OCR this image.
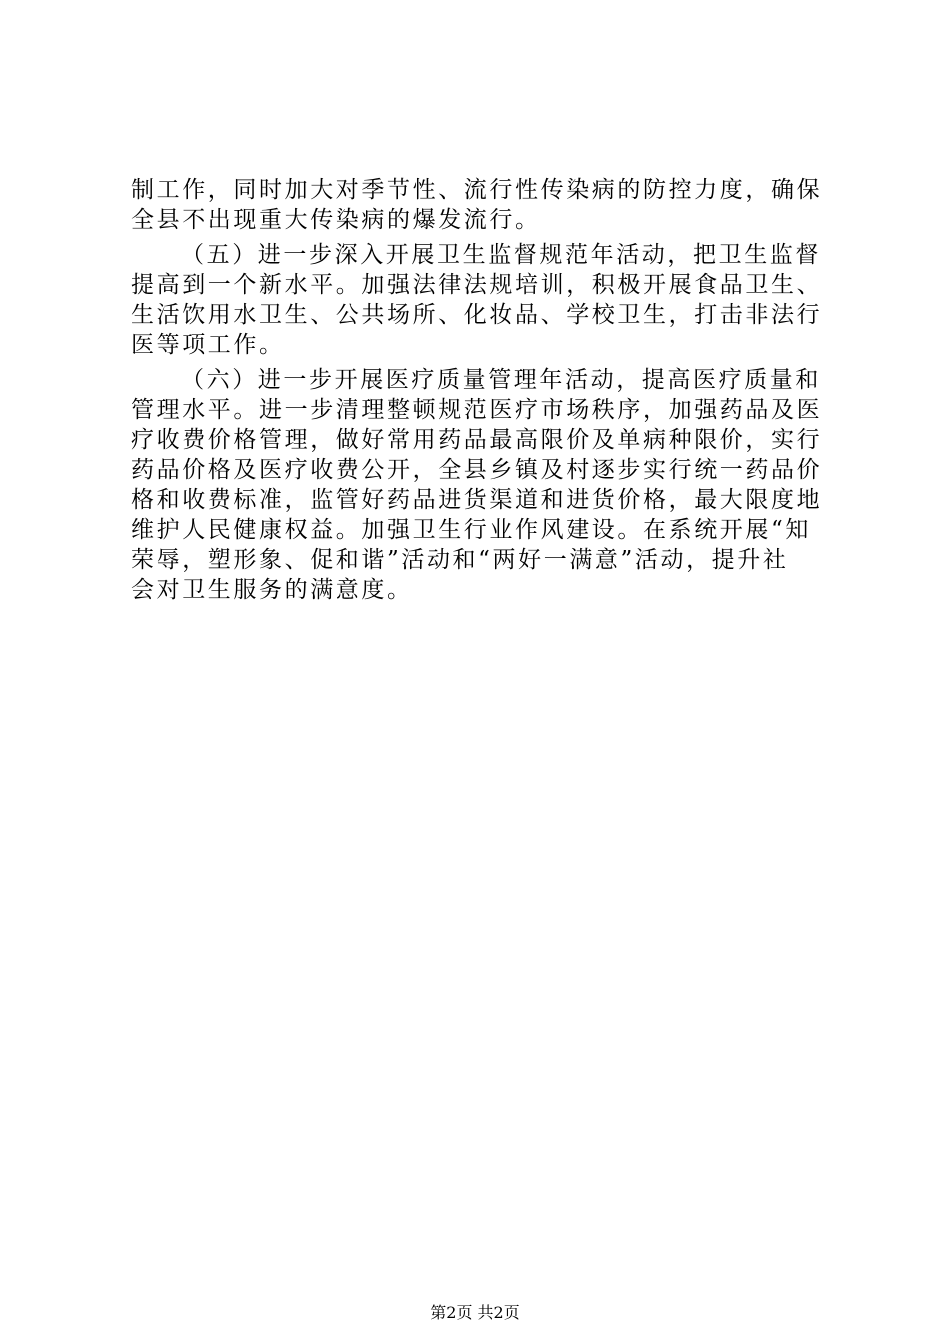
制工作，同时加大对季节性、流行性传染病的防控力度，确保
全县不出现重大传染病的爆发流行。
（五）进一步深入开展卫生监督规范年活动，把卫生监督
提高到一个新水平。加强法律法规培训，积极开展食品卫生、
生活饮用水卫生、公共场所、化妆品、学校卫生，打击非法行
医等项工作。
（六）进一步开展医疗质量管理年活动，提高医疗质量和
管理水平。进一步清理整顿规范医疗市场秩序，加强药品及医
疗收费价格管理，做好常用药品最高限价及单病种限价，实行
药品价格及医疗收费公开，全县乡镇及村逐步实行统一药品价
格和收费标准，监管好药品进货渠道和进货价格，最大限度地
维护人民健康权益。加强卫生行业作风建设。在系统开展“知
荣辱，塑形象、促和谐”活动和“两好一满意”活动，提升社
会对卫生服务的满意度。
第2页 共2页
